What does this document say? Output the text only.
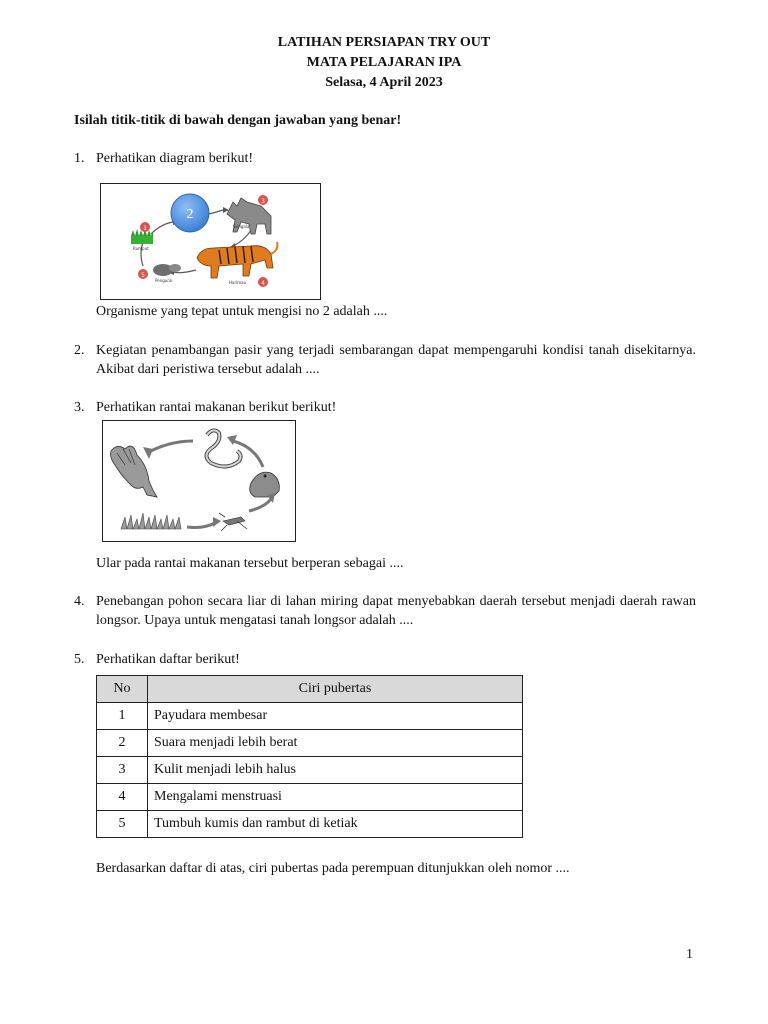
LATIHAN PERSIAPAN TRY OUT
MATA PELAJARAN IPA
Selasa, 4 April 2023
Isilah titik-titik di bawah dengan jawaban yang benar!
1. Perhatikan diagram berikut!
2
3
Serigala
1
Rumput
4
Harimau
5
Pengurai
Organisme yang tepat untuk mengisi no 2 adalah ....
2. Kegiatan penambangan pasir yang terjadi sembarangan dapat mempengaruhi kondisi tanah disekitarnya. Akibat dari peristiwa tersebut adalah ....
3. Perhatikan rantai makanan berikut berikut!
Ular pada rantai makanan tersebut berperan sebagai ....
4. Penebangan pohon secara liar di lahan miring dapat menyebabkan daerah tersebut menjadi daerah rawan longsor. Upaya untuk mengatasi tanah longsor adalah ....
5. Perhatikan daftar berikut!
No	Ciri pubertas
1	Payudara membesar
2	Suara menjadi lebih berat
3	Kulit menjadi lebih halus
4	Mengalami menstruasi
5	Tumbuh kumis dan rambut di ketiak
Berdasarkan daftar di atas, ciri pubertas pada perempuan ditunjukkan oleh nomor ....
1
